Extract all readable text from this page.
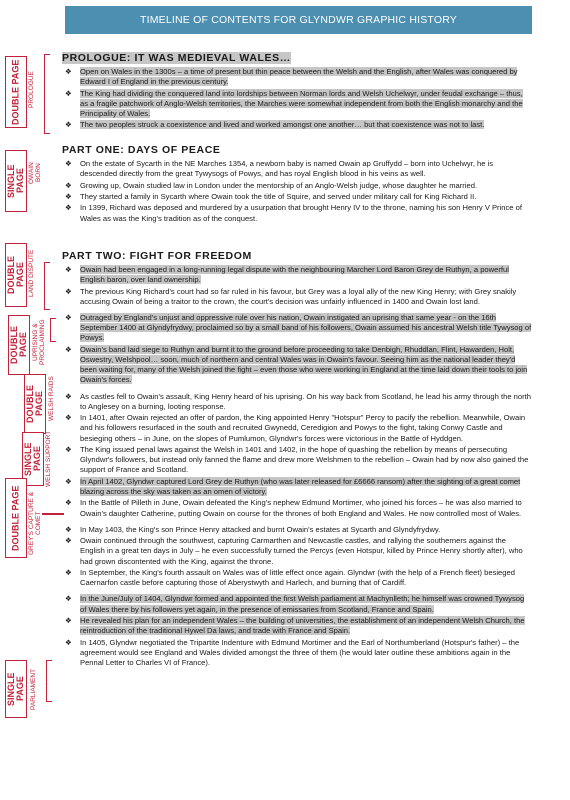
TIMELINE OF CONTENTS FOR GLYNDWR GRAPHIC HISTORY
PROLOGUE: IT WAS MEDIEVAL WALES…
❖ Open on Wales in the 1300s – a time of present but thin peace between the Welsh and the English, after Wales was conquered by Edward I of England in the previous century.
❖ The King had dividing the conquered land into lordships between Norman lords and Welsh Uchelwyr, under feudal exchange – thus, as a fragile patchwork of Anglo-Welsh territories, the Marches were somewhat independent from both the English monarchy and the Principality of Wales.
❖ The two peoples struck a coexistence and lived and worked amongst one another… but that coexistence was not to last.
PART ONE: DAYS OF PEACE
❖ On the estate of Sycarth in the NE Marches 1354, a newborn baby is named Owain ap Gruffydd – born into Uchelwyr, he is descended directly from the great Tywysogs of Powys, and has royal English blood in his veins as well.
❖ Growing up, Owain studied law in London under the mentorship of an Anglo-Welsh judge, whose daughter he married.
❖ They started a family in Sycarth where Owain took the title of Squire, and served under military call for King Richard II.
❖ In 1399, Richard was deposed and murdered by a usurpation that brought Henry IV to the throne, naming his son Henry V Prince of Wales as was the King's tradition as of the conquest.
PART TWO: FIGHT FOR FREEDOM
❖ Owain had been engaged in a long-running legal dispute with the neighbouring Marcher Lord Baron Grey de Ruthyn, a powerful English baron, over land ownership.
❖ The previous King Richard's court had so far ruled in his favour, but Grey was a loyal ally of the new King Henry; with Grey snakily accusing Owain of being a traitor to the crown, the court's decision was unfairly influenced in 1400 and Owain lost land.
❖ Outraged by England's unjust and oppressive rule over his nation, Owain instigated an uprising that same year - on the 16th September 1400 at Glyndyfrydwy, proclaimed so by a small band of his followers, Owain assumed his ancestral Welsh title Tywysog of Powys.
❖ Owain's band laid siege to Ruthyn and burnt it to the ground before proceeding to take Denbigh, Rhuddlan, Flint, Hawarden, Holt, Oswestry, Welshpool… soon, much of northern and central Wales was in Owain's favour. Seeing him as the national leader they'd been waiting for, many of the Welsh joined the fight – even those who were working in England at the time laid down their tools to join Owain's forces.
❖ As castles fell to Owain's assault, King Henry heard of his uprising. On his way back from Scotland, he lead his army through the north to Anglesey on a burning, looting response.
❖ In 1401, after Owain rejected an offer of pardon, the King appointed Henry "Hotspur" Percy to pacify the rebellion. Meanwhile, Owain and his followers resurfaced in the south and recruited Gwynedd, Ceredigion and Powys to the fight, taking Conwy Castle and besieging others – in June, on the slopes of Pumlumon, Glyndwr's forces were victorious in the Battle of Hyddgen.
❖ The King issued penal laws against the Welsh in 1401 and 1402, in the hope of quashing the rebellion by means of persecuting Glyndwr's followers, but instead only fanned the flame and drew more Welshmen to the rebellion – Owain had by now also gained the support of France and Scotland.
❖ In April 1402, Glyndwr captured Lord Grey de Ruthyn (who was later released for £6666 ransom) after the sighting of a great comet blazing across the sky was taken as an omen of victory.
❖ In the Battle of Pilleth in June, Owain defeated the King's nephew Edmund Mortimer, who joined his forces – he was also married to Owain's daughter Catherine, putting Owain on course for the thrones of both England and Wales. He now controlled most of Wales.
❖ In May 1403, the King's son Prince Henry attacked and burnt Owain's estates at Sycarth and Glyndyfrydwy.
❖ Owain continued through the southwest, capturing Carmarthen and Newcastle castles, and rallying the southerners against the English in a great ten days in July – he even successfully turned the Percys (even Hotspur, killed by Prince Henry shortly after), who had grown discontented with the King, against the throne.
❖ In September, the King's fourth assault on Wales was of little effect once again. Glyndwr (with the help of a French fleet) besieged Caernarfon castle before capturing those of Aberystwyth and Harlech, and burning that of Cardiff.
❖ In the June/July of 1404, Glyndwr formed and appointed the first Welsh parliament at Machynlleth; he himself was crowned Tywysog of Wales there by his followers yet again, in the presence of emissaries from Scotland, France and Spain.
❖ He revealed his plan for an independent Wales – the building of universities, the establishment of an independent Welsh Church, the reintroduction of the traditional Hywel Da laws, and trade with France and Spain.
❖ In 1405, Glyndwr negotiated the Tripartite Indenture with Edmund Mortimer and the Earl of Northumberland (Hotspur's father) – the agreement would see England and Wales divided amongst the three of them (he would later outline these ambitions again in the Pennal Letter to Charles VI of France).
DOUBLE PAGE	PROLOGUE
SINGLE PAGE OWAIN BORN
DOUBLE PAGE LAND DISPUTE
DOUBLE PAGE UPRISING & PROCLAIMING
DOUBLE PAGE WELSH RAIDS
SINGLE PAGE WELSH SUPPORT
DOUBLE PAGE	GREY'S CAPTURE & COMET
SINGLE PAGE PARLIAMENT
